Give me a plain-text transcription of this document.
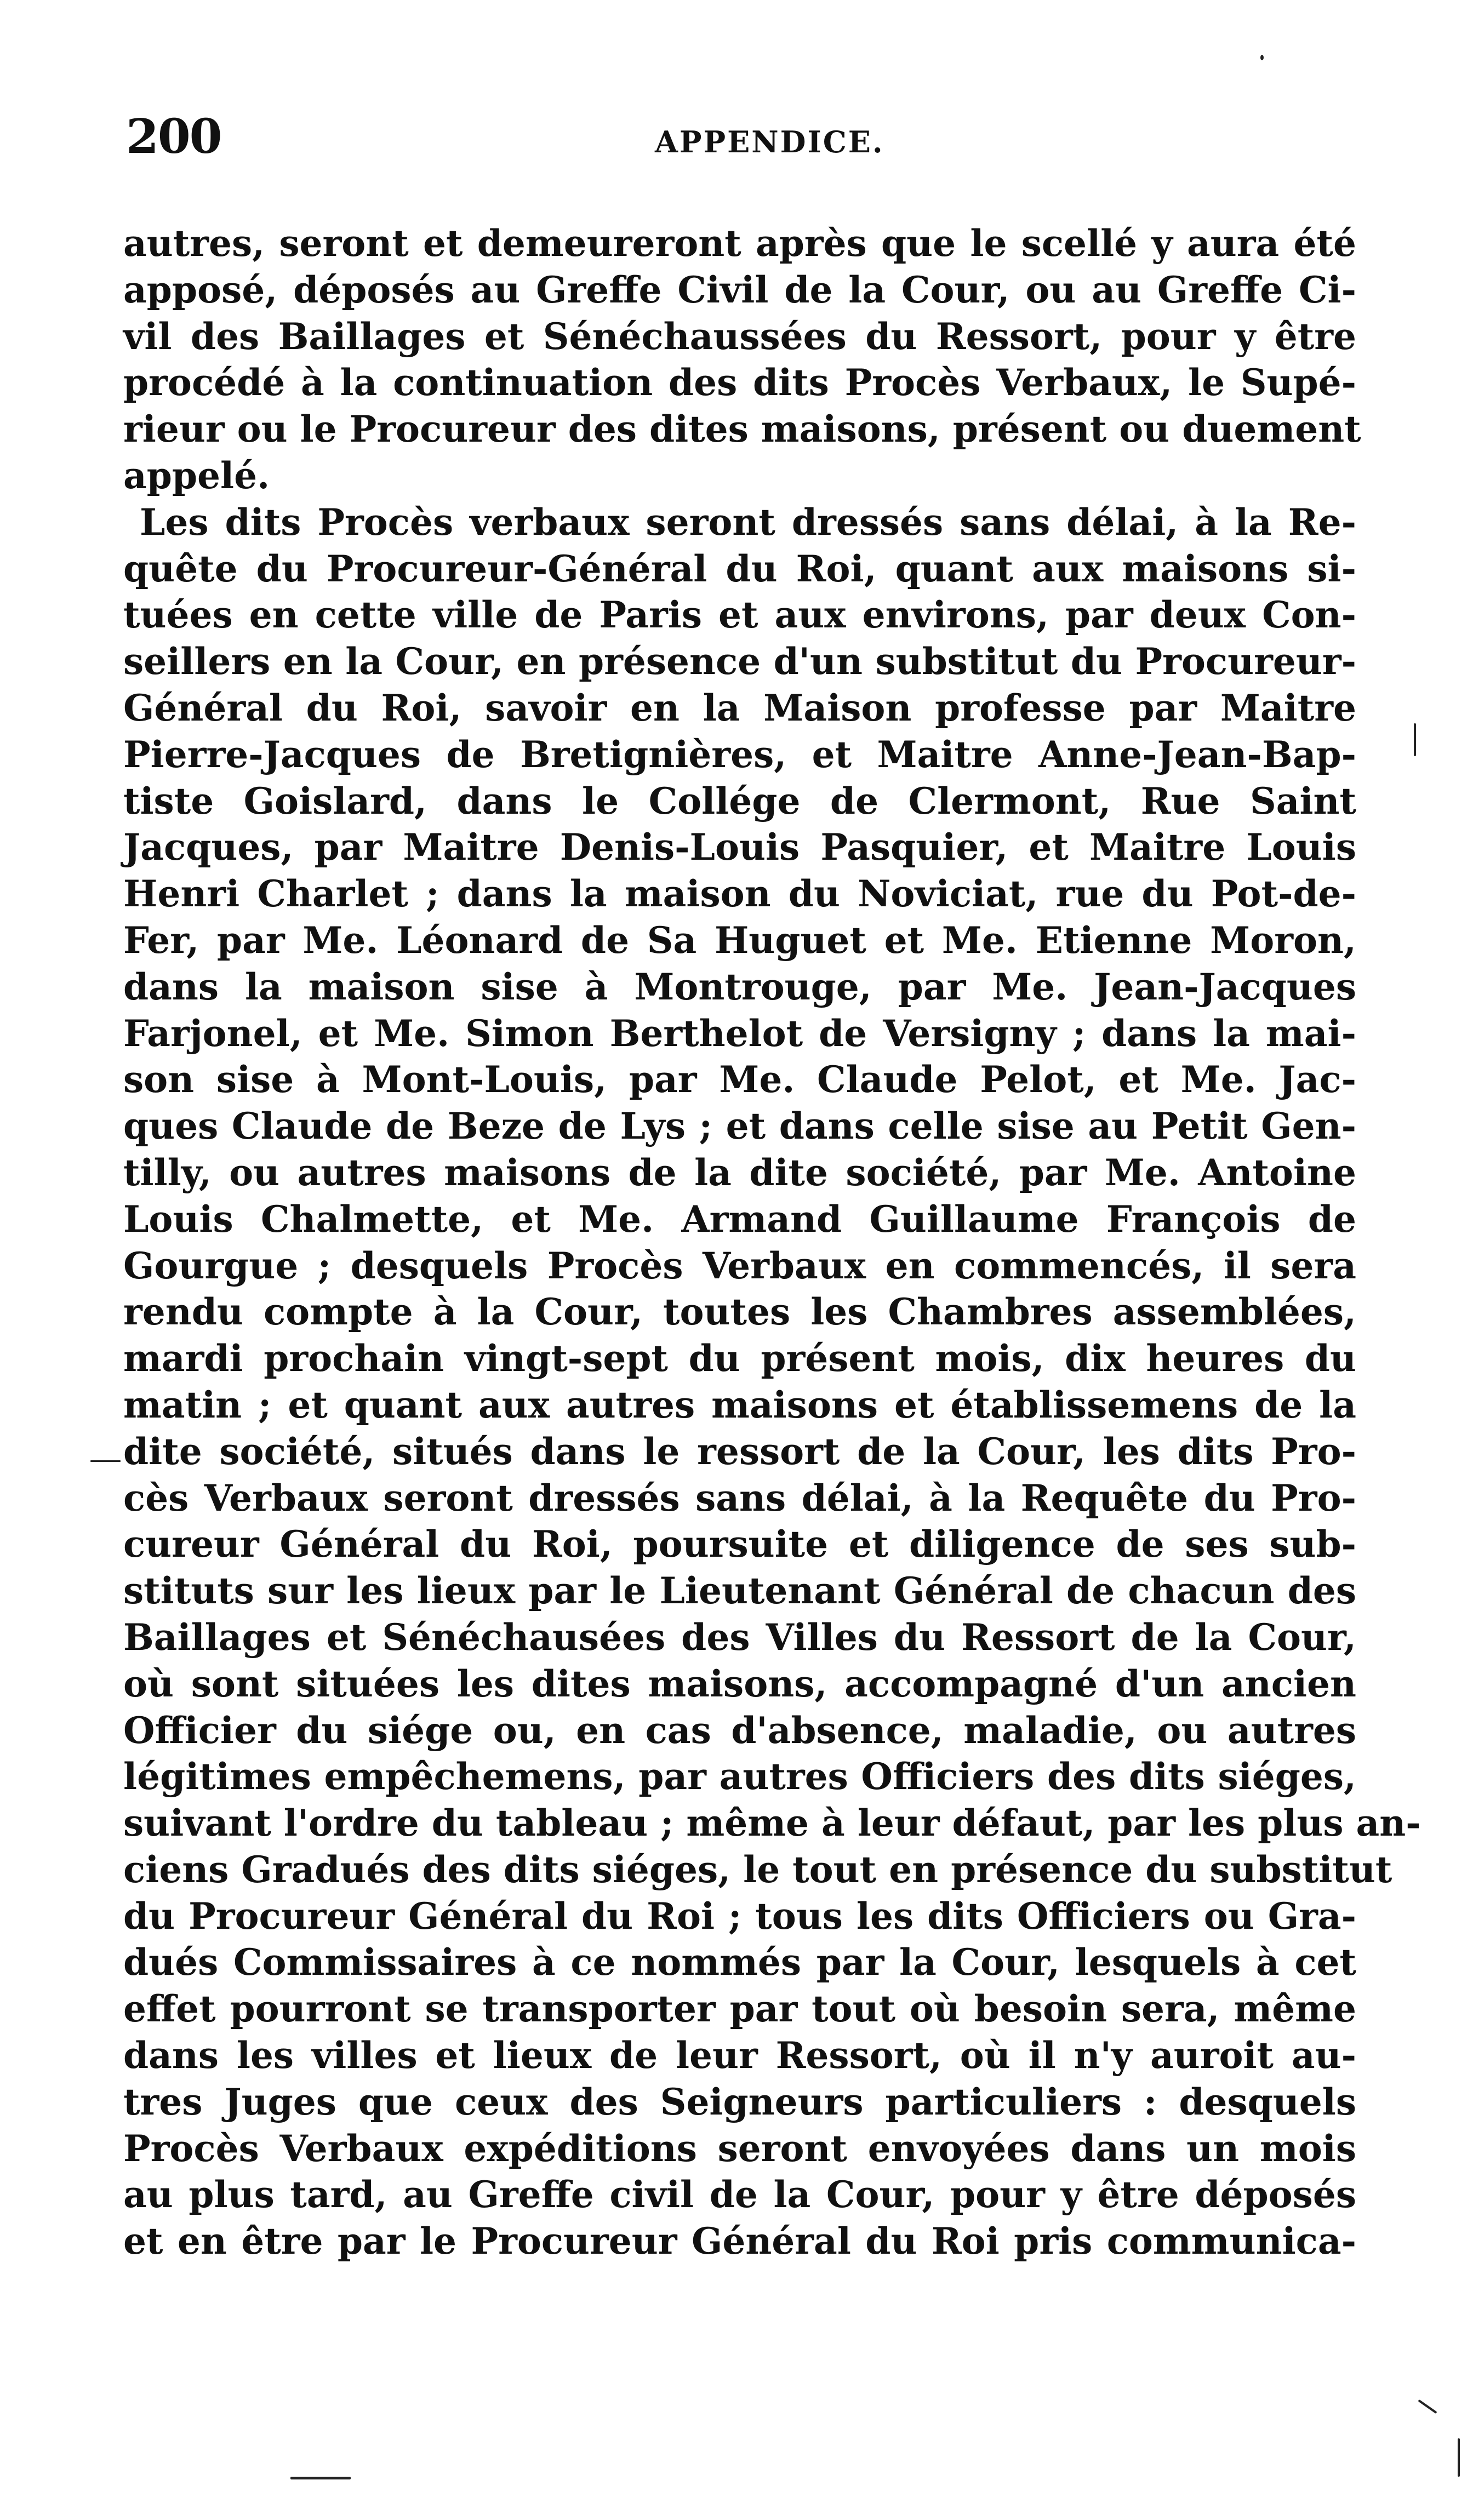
200	APPENDICE.
autres, seront et demeureront après que le scellé y aura été
apposé, déposés au Greffe Civil de la Cour, ou au Greffe Ci-
vil des Baillages et Sénéchaussées du Ressort, pour y être
procédé à la continuation des dits Procès Verbaux, le Supé-
rieur ou le Procureur des dites maisons, présent ou duement
appelé.
Les dits Procès verbaux seront dressés sans délai, à la Re-
quête du Procureur-Général du Roi, quant aux maisons si-
tuées en cette ville de Paris et aux environs, par deux Con-
seillers en la Cour, en présence d'un substitut du Procureur-
Général du Roi, savoir en la Maison professe par Maitre
Pierre-Jacques de Bretignières, et Maitre Anne-Jean-Bap-
tiste Goislard, dans le Collége de Clermont, Rue Saint
Jacques, par Maitre Denis-Louis Pasquier, et Maitre Louis
Henri Charlet ; dans la maison du Noviciat, rue du Pot-de-
Fer, par Me. Léonard de Sa Huguet et Me. Etienne Moron,
dans la maison sise à Montrouge, par Me. Jean-Jacques
Farjonel, et Me. Simon Berthelot de Versigny ; dans la mai-
son sise à Mont-Louis, par Me. Claude Pelot, et Me. Jac-
ques Claude de Beze de Lys ; et dans celle sise au Petit Gen-
tilly, ou autres maisons de la dite société, par Me. Antoine
Louis Chalmette, et Me. Armand Guillaume François de
Gourgue ; desquels Procès Verbaux en commencés, il sera
rendu compte à la Cour, toutes les Chambres assemblées,
mardi prochain vingt-sept du présent mois, dix heures du
matin ; et quant aux autres maisons et établissemens de la
dite société, situés dans le ressort de la Cour, les dits Pro-
cès Verbaux seront dressés sans délai, à la Requête du Pro-
cureur Général du Roi, poursuite et diligence de ses sub-
stituts sur les lieux par le Lieutenant Général de chacun des
Baillages et Sénéchausées des Villes du Ressort de la Cour,
où sont situées les dites maisons, accompagné d'un ancien
Officier du siége ou, en cas d'absence, maladie, ou autres
légitimes empêchemens, par autres Officiers des dits siéges,
suivant l'ordre du tableau ; même à leur défaut, par les plus an-
ciens Gradués des dits siéges, le tout en présence du substitut
du Procureur Général du Roi ; tous les dits Officiers ou Gra-
dués Commissaires à ce nommés par la Cour, lesquels à cet
effet pourront se transporter par tout où besoin sera, même
dans les villes et lieux de leur Ressort, où il n'y auroit au-
tres Juges que ceux des Seigneurs particuliers : desquels
Procès Verbaux expéditions seront envoyées dans un mois
au plus tard, au Greffe civil de la Cour, pour y être déposés
et en être par le Procureur Général du Roi pris communica-
